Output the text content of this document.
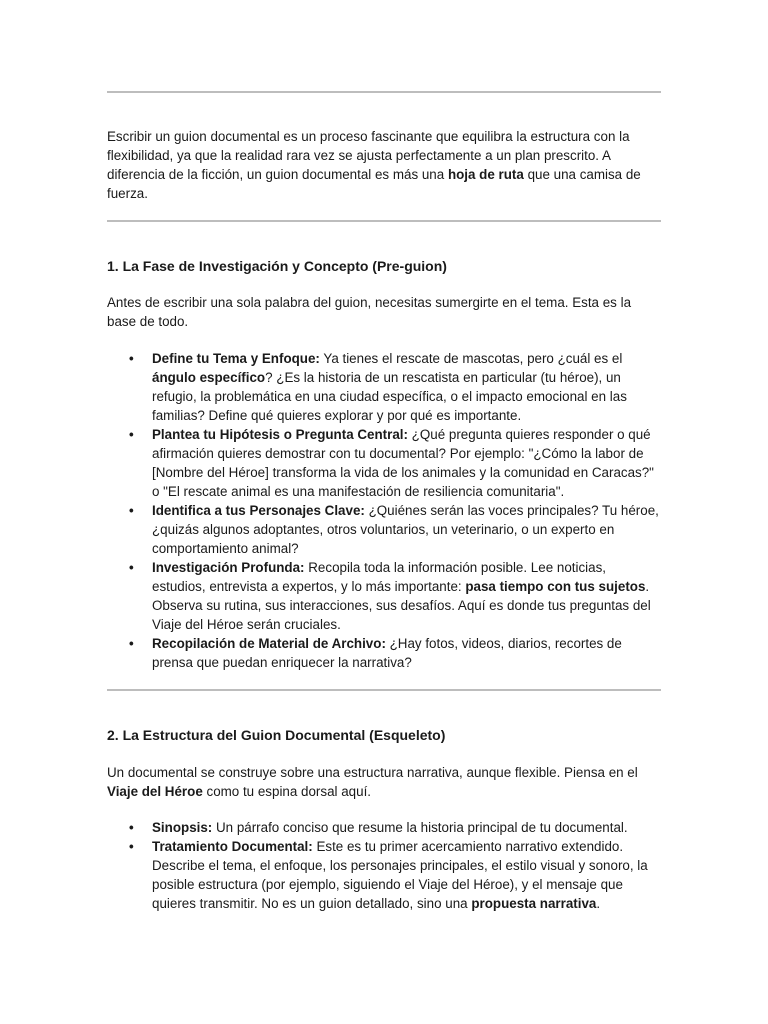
Escribir un guion documental es un proceso fascinante que equilibra la estructura con la flexibilidad, ya que la realidad rara vez se ajusta perfectamente a un plan prescrito. A diferencia de la ficción, un guion documental es más una hoja de ruta que una camisa de fuerza.

1. La Fase de Investigación y Concepto (Pre-guion)

Antes de escribir una sola palabra del guion, necesitas sumergirte en el tema. Esta es la base de todo.

• Define tu Tema y Enfoque: Ya tienes el rescate de mascotas, pero ¿cuál es el ángulo específico? ¿Es la historia de un rescatista en particular (tu héroe), un refugio, la problemática en una ciudad específica, o el impacto emocional en las familias? Define qué quieres explorar y por qué es importante.
• Plantea tu Hipótesis o Pregunta Central: ¿Qué pregunta quieres responder o qué afirmación quieres demostrar con tu documental? Por ejemplo: "¿Cómo la labor de [Nombre del Héroe] transforma la vida de los animales y la comunidad en Caracas?" o "El rescate animal es una manifestación de resiliencia comunitaria".
• Identifica a tus Personajes Clave: ¿Quiénes serán las voces principales? Tu héroe, ¿quizás algunos adoptantes, otros voluntarios, un veterinario, o un experto en comportamiento animal?
• Investigación Profunda: Recopila toda la información posible. Lee noticias, estudios, entrevista a expertos, y lo más importante: pasa tiempo con tus sujetos. Observa su rutina, sus interacciones, sus desafíos. Aquí es donde tus preguntas del Viaje del Héroe serán cruciales.
• Recopilación de Material de Archivo: ¿Hay fotos, videos, diarios, recortes de prensa que puedan enriquecer la narrativa?
2. La Estructura del Guion Documental (Esqueleto)

Un documental se construye sobre una estructura narrativa, aunque flexible. Piensa en el Viaje del Héroe como tu espina dorsal aquí.

• Sinopsis: Un párrafo conciso que resume la historia principal de tu documental.
• Tratamiento Documental: Este es tu primer acercamiento narrativo extendido. Describe el tema, el enfoque, los personajes principales, el estilo visual y sonoro, la posible estructura (por ejemplo, siguiendo el Viaje del Héroe), y el mensaje que quieres transmitir. No es un guion detallado, sino una propuesta narrativa.
